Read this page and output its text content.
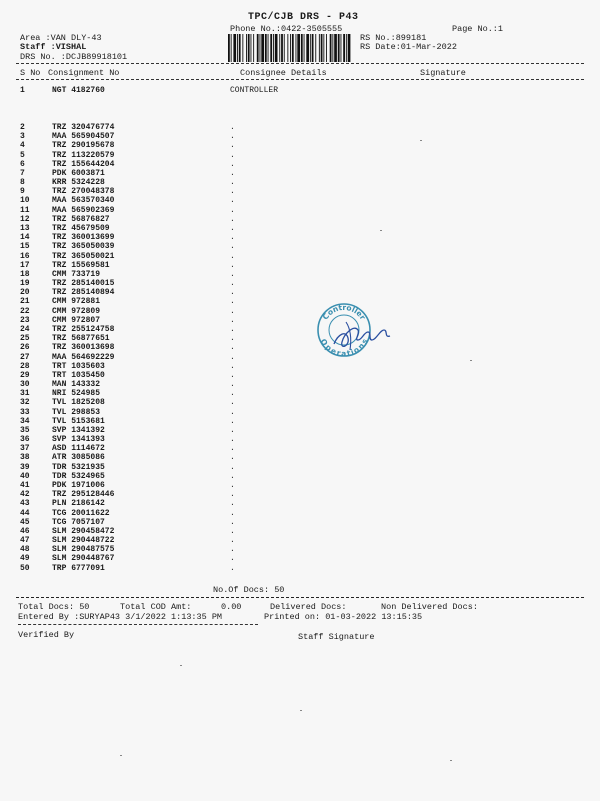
TPC/CJB DRS - P43
Phone No.:0422-3505555	Page No.:1
Area :VAN DLY-43
Staff :VISHAL
DRS No. :DCJB89918101
RS No.:899181
RS Date:01-Mar-2022
S No Consignment No	Consignee Details	Signature
1	NGT 4182760	CONTROLLER
2	TRZ 320476774	.
3	MAA 565904507	.
4	TRZ 290195678	.
5	TRZ 113220579	.
6	TRZ 155644204	.
7	PDK 6003871	.
8	KRR 5324228	.
9	TRZ 270048378	.
10	MAA 563570340	.
11	MAA 565902369	.
12	TRZ 56876827	.
13	TRZ 45679509	.
14	TRZ 360013699	.
15	TRZ 365050039	.
16	TRZ 365050021	.
17	TRZ 15569581	.
18	CMM 733719	.
19	TRZ 285140015	.
20	TRZ 285140894	.
21	CMM 972881	.
22	CMM 972809	.
23	CMM 972807	.
24	TRZ 255124758	.
25	TRZ 56877651	.
26	TRZ 360013698	.
27	MAA 564692229	.
28	TRT 1035603	.
29	TRT 1035450	.
30	MAN 143332	.
31	NRI 524985	.
32	TVL 1825208	.
33	TVL 298853	.
34	TVL 5153681	.
35	SVP 1341392	.
36	SVP 1341393	.
37	ASD 1114672	.
38	ATR 3085086	.
39	TDR 5321935	.
40	TDR 5324965	.
41	PDK 1971006	.
42	TRZ 295128446	.
43	PLN 2186142	.
44	TCG 20011622	.
45	TCG 7057107	.
46	SLM 290458472	.
47	SLM 290448722	.
48	SLM 290487575	.
49	SLM 290448767	.
50	TRP 6777091	.
No.Of Docs: 50
Total Docs: 50	Total COD Amt:	0.00	Delivered Docs:	Non Delivered Docs:
Entered By :SURYAP43 3/1/2022 1:13:35 PM	Printed on: 01-03-2022 13:15:35
Verified By	Staff Signature
Controller
Operations
